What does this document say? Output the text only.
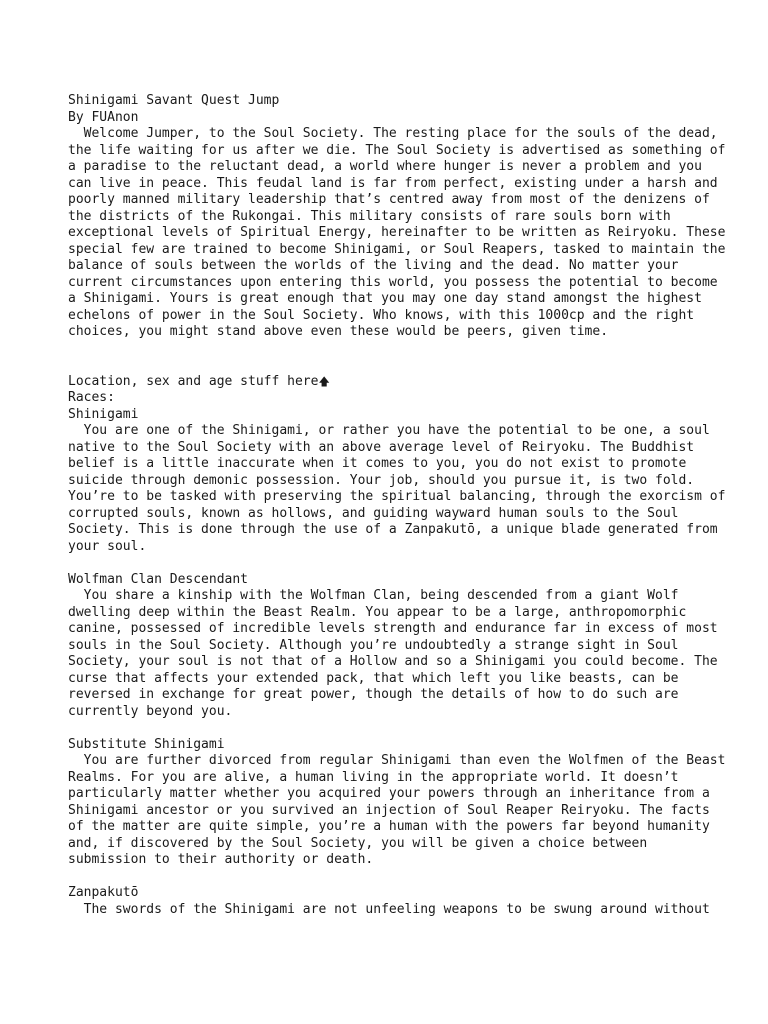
Shinigami Savant Quest Jump
By FUAnon
Welcome Jumper, to the Soul Society. The resting place for the souls of the dead,
the life waiting for us after we die. The Soul Society is advertised as something of
a paradise to the reluctant dead, a world where hunger is never a problem and you
can live in peace. This feudal land is far from perfect, existing under a harsh and
poorly manned military leadership that’s centred away from most of the denizens of
the districts of the Rukongai. This military consists of rare souls born with
exceptional levels of Spiritual Energy, hereinafter to be written as Reiryoku. These
special few are trained to become Shinigami, or Soul Reapers, tasked to maintain the
balance of souls between the worlds of the living and the dead. No matter your
current circumstances upon entering this world, you possess the potential to become
a Shinigami. Yours is great enough that you may one day stand amongst the highest
echelons of power in the Soul Society. Who knows, with this 1000cp and the right
choices, you might stand above even these would be peers, given time.
Location, sex and age stuff here🡅
Races:
Shinigami
You are one of the Shinigami, or rather you have the potential to be one, a soul
native to the Soul Society with an above average level of Reiryoku. The Buddhist
belief is a little inaccurate when it comes to you, you do not exist to promote
suicide through demonic possession. Your job, should you pursue it, is two fold.
You’re to be tasked with preserving the spiritual balancing, through the exorcism of
corrupted souls, known as hollows, and guiding wayward human souls to the Soul
Society. This is done through the use of a Zanpakutō, a unique blade generated from
your soul.
Wolfman Clan Descendant
You share a kinship with the Wolfman Clan, being descended from a giant Wolf
dwelling deep within the Beast Realm. You appear to be a large, anthropomorphic
canine, possessed of incredible levels strength and endurance far in excess of most
souls in the Soul Society. Although you’re undoubtedly a strange sight in Soul
Society, your soul is not that of a Hollow and so a Shinigami you could become. The
curse that affects your extended pack, that which left you like beasts, can be
reversed in exchange for great power, though the details of how to do such are
currently beyond you.
Substitute Shinigami
You are further divorced from regular Shinigami than even the Wolfmen of the Beast
Realms. For you are alive, a human living in the appropriate world. It doesn’t
particularly matter whether you acquired your powers through an inheritance from a
Shinigami ancestor or you survived an injection of Soul Reaper Reiryoku. The facts
of the matter are quite simple, you’re a human with the powers far beyond humanity
and, if discovered by the Soul Society, you will be given a choice between
submission to their authority or death.
Zanpakutō
The swords of the Shinigami are not unfeeling weapons to be swung around without
